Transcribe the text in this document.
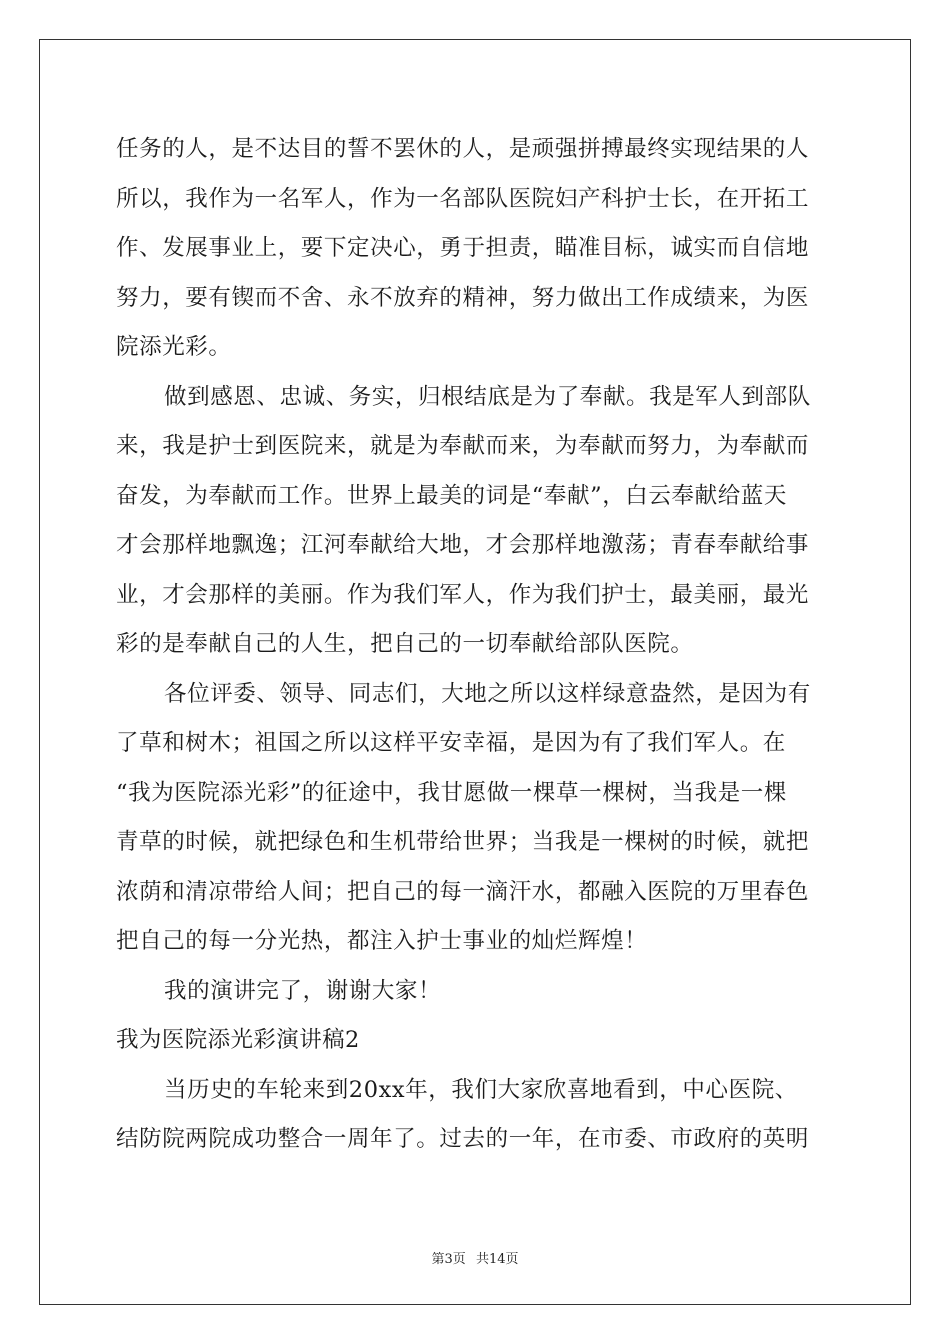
任务的人，是不达目的誓不罢休的人，是顽强拼搏最终实现结果的人
所以，我作为一名军人，作为一名部队医院妇产科护士长，在开拓工
作、发展事业上，要下定决心，勇于担责，瞄准目标，诚实而自信地
努力，要有锲而不舍、永不放弃的精神，努力做出工作成绩来，为医
院添光彩。
做到感恩、忠诚、务实，归根结底是为了奉献。我是军人到部队
来，我是护士到医院来，就是为奉献而来，为奉献而努力，为奉献而
奋发，为奉献而工作。世界上最美的词是“奉献”，白云奉献给蓝天
才会那样地飘逸；江河奉献给大地，才会那样地激荡；青春奉献给事
业，才会那样的美丽。作为我们军人，作为我们护士，最美丽，最光
彩的是奉献自己的人生，把自己的一切奉献给部队医院。
各位评委、领导、同志们，大地之所以这样绿意盎然，是因为有
了草和树木；祖国之所以这样平安幸福，是因为有了我们军人。在
“我为医院添光彩”的征途中，我甘愿做一棵草一棵树，当我是一棵
青草的时候，就把绿色和生机带给世界；当我是一棵树的时候，就把
浓荫和清凉带给人间；把自己的每一滴汗水，都融入医院的万里春色
把自己的每一分光热，都注入护士事业的灿烂辉煌！
我的演讲完了，谢谢大家！
我为医院添光彩演讲稿2
当历史的车轮来到20xx年，我们大家欣喜地看到，中心医院、
结防院两院成功整合一周年了。过去的一年，在市委、市政府的英明
第3页 共14页
